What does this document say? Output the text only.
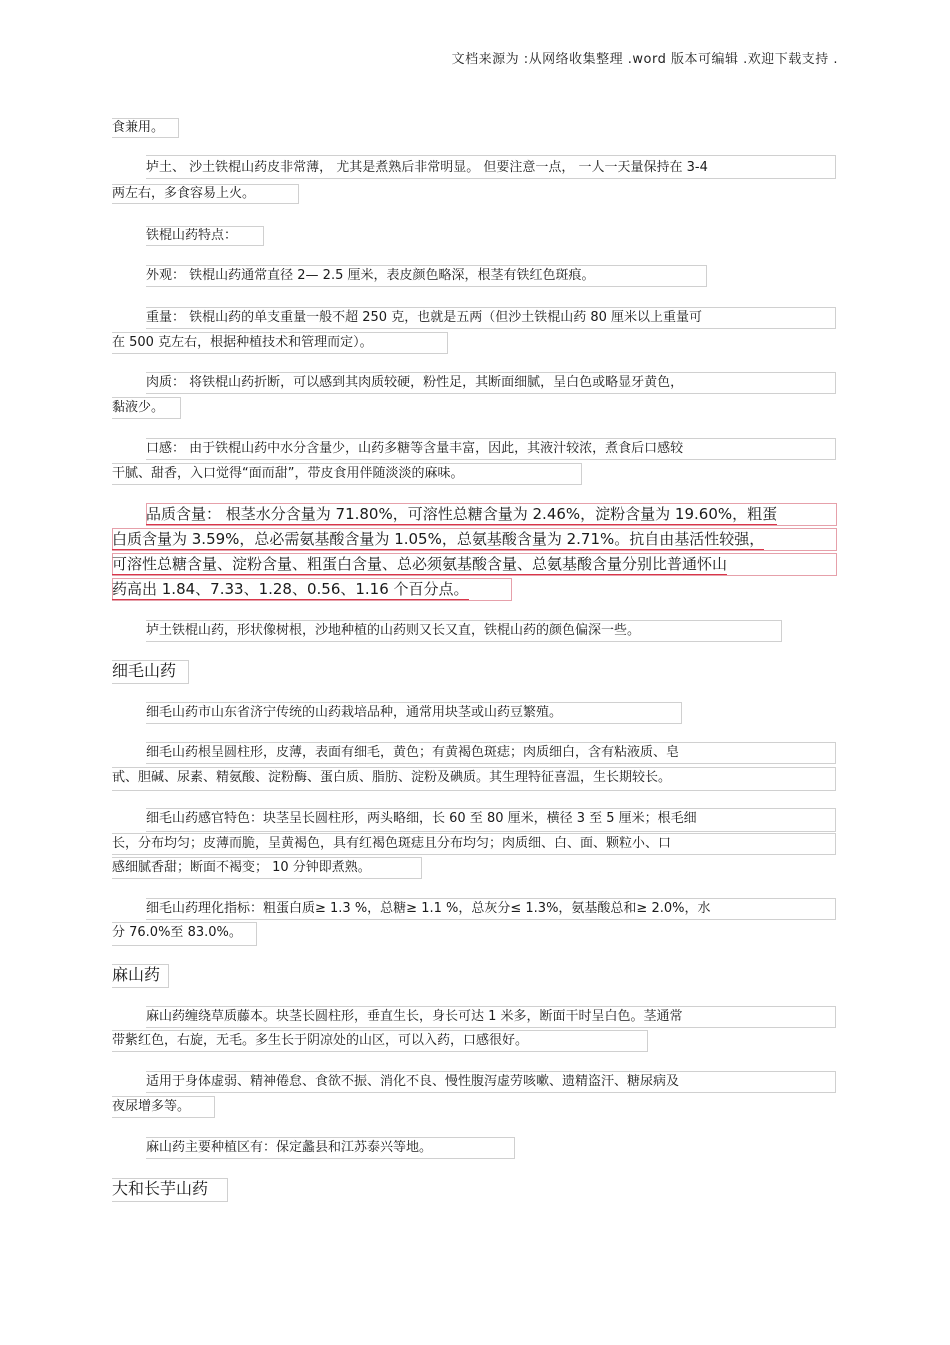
文档来源为 :从网络收集整理 .word 版本可编辑 .欢迎下载支持 .
食兼用。
垆土、 沙土铁棍山药皮非常薄， 尤其是煮熟后非常明显。 但要注意一点， 一人一天量保持在 3-4
两左右，多食容易上火。
铁棍山药特点：
外观： 铁棍山药通常直径 2— 2.5 厘米，表皮颜色略深，根茎有铁红色斑痕。
重量： 铁棍山药的单支重量一般不超 250 克，也就是五两（但沙土铁棍山药 80 厘米以上重量可
在 500 克左右，根据种植技术和管理而定）。
肉质： 将铁棍山药折断，可以感到其肉质较硬，粉性足，其断面细腻，呈白色或略显牙黄色，
黏液少。
口感： 由于铁棍山药中水分含量少，山药多糖等含量丰富，因此，其液汁较浓，煮食后口感较
干腻、甜香，入口觉得“面而甜”，带皮食用伴随淡淡的麻味。
品质含量： 根茎水分含量为 71.80%，可溶性总糖含量为 2.46%，淀粉含量为 19.60%，粗蛋
白质含量为 3.59%，总必需氨基酸含量为 1.05%，总氨基酸含量为 2.71%。抗自由基活性较强，
可溶性总糖含量、淀粉含量、粗蛋白含量、总必须氨基酸含量、总氨基酸含量分别比普通怀山
药高出 1.84、7.33、1.28、0.56、1.16 个百分点。
垆土铁棍山药，形状像树根，沙地种植的山药则又长又直，铁棍山药的颜色偏深一些。
细毛山药
细毛山药市山东省济宁传统的山药栽培品种，通常用块茎或山药豆繁殖。
细毛山药根呈圆柱形，皮薄，表面有细毛，黄色；有黄褐色斑痣；肉质细白，含有粘液质、皂
甙、胆碱、尿素、精氨酸、淀粉酶、蛋白质、脂肪、淀粉及碘质。其生理特征喜温，生长期较长。
细毛山药感官特色：块茎呈长圆柱形，两头略细，长 60 至 80 厘米，横径 3 至 5 厘米；根毛细
长，分布均匀；皮薄而脆，呈黄褐色，具有红褐色斑痣且分布均匀；肉质细、白、面、颗粒小、口
感细腻香甜；断面不褐变； 10 分钟即煮熟。
细毛山药理化指标：粗蛋白质≥ 1.3 %，总糖≥ 1.1 %，总灰分≤ 1.3%，氨基酸总和≥ 2.0%，水
分 76.0%至 83.0%。
麻山药
麻山药缠绕草质藤本。块茎长圆柱形，垂直生长，身长可达 1 米多，断面干时呈白色。茎通常
带紫红色，右旋，无毛。多生长于阴凉处的山区，可以入药，口感很好。
适用于身体虚弱、精神倦怠、食欲不振、消化不良、慢性腹泻虚劳咳嗽、遗精盗汗、糖尿病及
夜尿增多等。
麻山药主要种植区有：保定蠡县和江苏泰兴等地。
大和长芋山药
